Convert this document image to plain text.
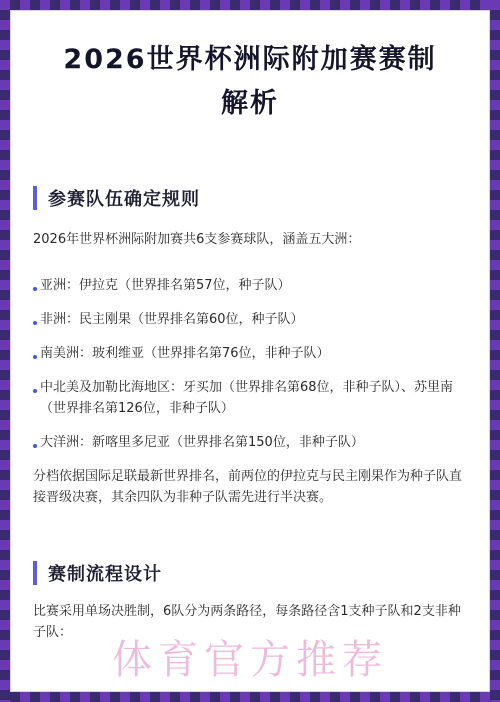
2026世界杯洲际附加赛赛制
解析
参赛队伍确定规则
2026年世界杯洲际附加赛共6支参赛球队，涵盖五大洲：
亚洲：伊拉克（世界排名第57位，种子队）
非洲：民主刚果（世界排名第60位，种子队）
南美洲：玻利维亚（世界排名第76位，非种子队）
中北美及加勒比海地区：牙买加（世界排名第68位，非种子队）、苏里南（世界排名第126位，非种子队）
大洋洲：新喀里多尼亚（世界排名第150位，非种子队）
分档依据国际足联最新世界排名，前两位的伊拉克与民主刚果作为种子队直接晋级决赛，其余四队为非种子队需先进行半决赛。
赛制流程设计
比赛采用单场决胜制，6队分为两条路径，每条路径含1支种子队和2支非种子队：
体育官方推荐
